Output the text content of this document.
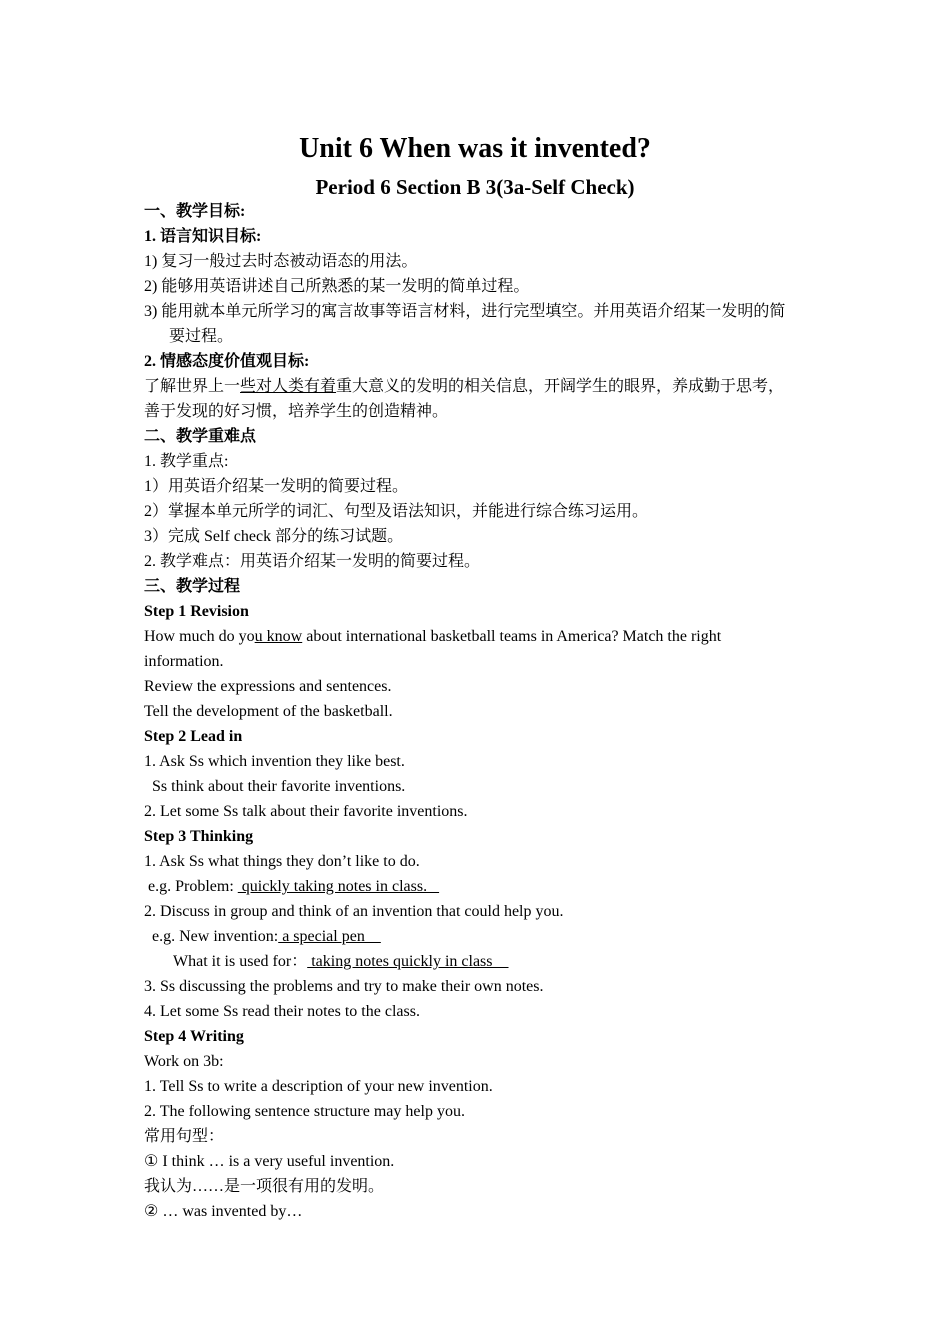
Unit 6 When was it invented?
Period 6 Section B 3(3a-Self Check)
一、教学目标:
1. 语言知识目标:
1) 复习一般过去时态被动语态的用法。
2) 能够用英语讲述自己所熟悉的某一发明的简单过程。
3) 能用就本单元所学习的寓言故事等语言材料，进行完型填空。并用英语介绍某一发明的简
要过程。
2. 情感态度价值观目标:
了解世界上一些对人类有着重大意义的发明的相关信息，开阔学生的眼界，养成勤于思考，
善于发现的好习惯，培养学生的创造精神。
二、教学重难点
1. 教学重点:
1）用英语介绍某一发明的简要过程。
2）掌握本单元所学的词汇、句型及语法知识，并能进行综合练习运用。
3）完成 Self check 部分的练习试题。
2. 教学难点：用英语介绍某一发明的简要过程。
三、教学过程
Step 1 Revision
How much do you know about international basketball teams in America? Match the right
information.
Review the expressions and sentences.
Tell the development of the basketball.
Step 2 Lead in
1. Ask Ss which invention they like best.
Ss think about their favorite inventions.
2. Let some Ss talk about their favorite inventions.
Step 3 Thinking
1. Ask Ss what things they don’t like to do.
e.g. Problem:  quickly taking notes in class.
2. Discuss in group and think of an invention that could help you.
e.g. New invention: a special pen
What it is used for： taking notes quickly in class
3. Ss discussing the problems and try to make their own notes.
4. Let some Ss read their notes to the class.
Step 4 Writing
Work on 3b:
1. Tell Ss to write a description of your new invention.
2. The following sentence structure may help you.
常用句型：
① I think … is a very useful invention.
我认为……是一项很有用的发明。
② … was invented by…
